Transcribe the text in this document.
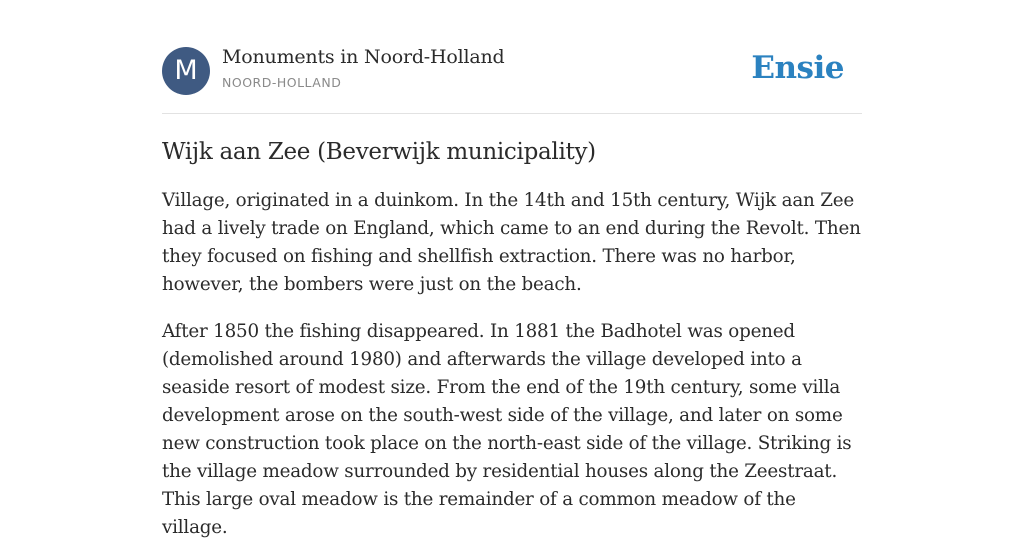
M	Monuments in Noord-Holland
NOORD-HOLLAND	Ensie
Wijk aan Zee (Beverwijk municipality)

Village, originated in a duinkom. In the 14th and 15th century, Wijk aan Zee had a lively trade on England, which came to an end during the Revolt. Then they focused on fishing and shellfish extraction. There was no harbor, however, the bombers were just on the beach.

After 1850 the fishing disappeared. In 1881 the Badhotel was opened (demolished around 1980) and afterwards the village developed into a seaside resort of modest size. From the end of the 19th century, some villa development arose on the south-west side of the village, and later on some new construction took place on the north-east side of the village. Striking is the village meadow surrounded by residential houses along the Zeestraat. This large oval meadow is the remainder of a common meadow of the village.
